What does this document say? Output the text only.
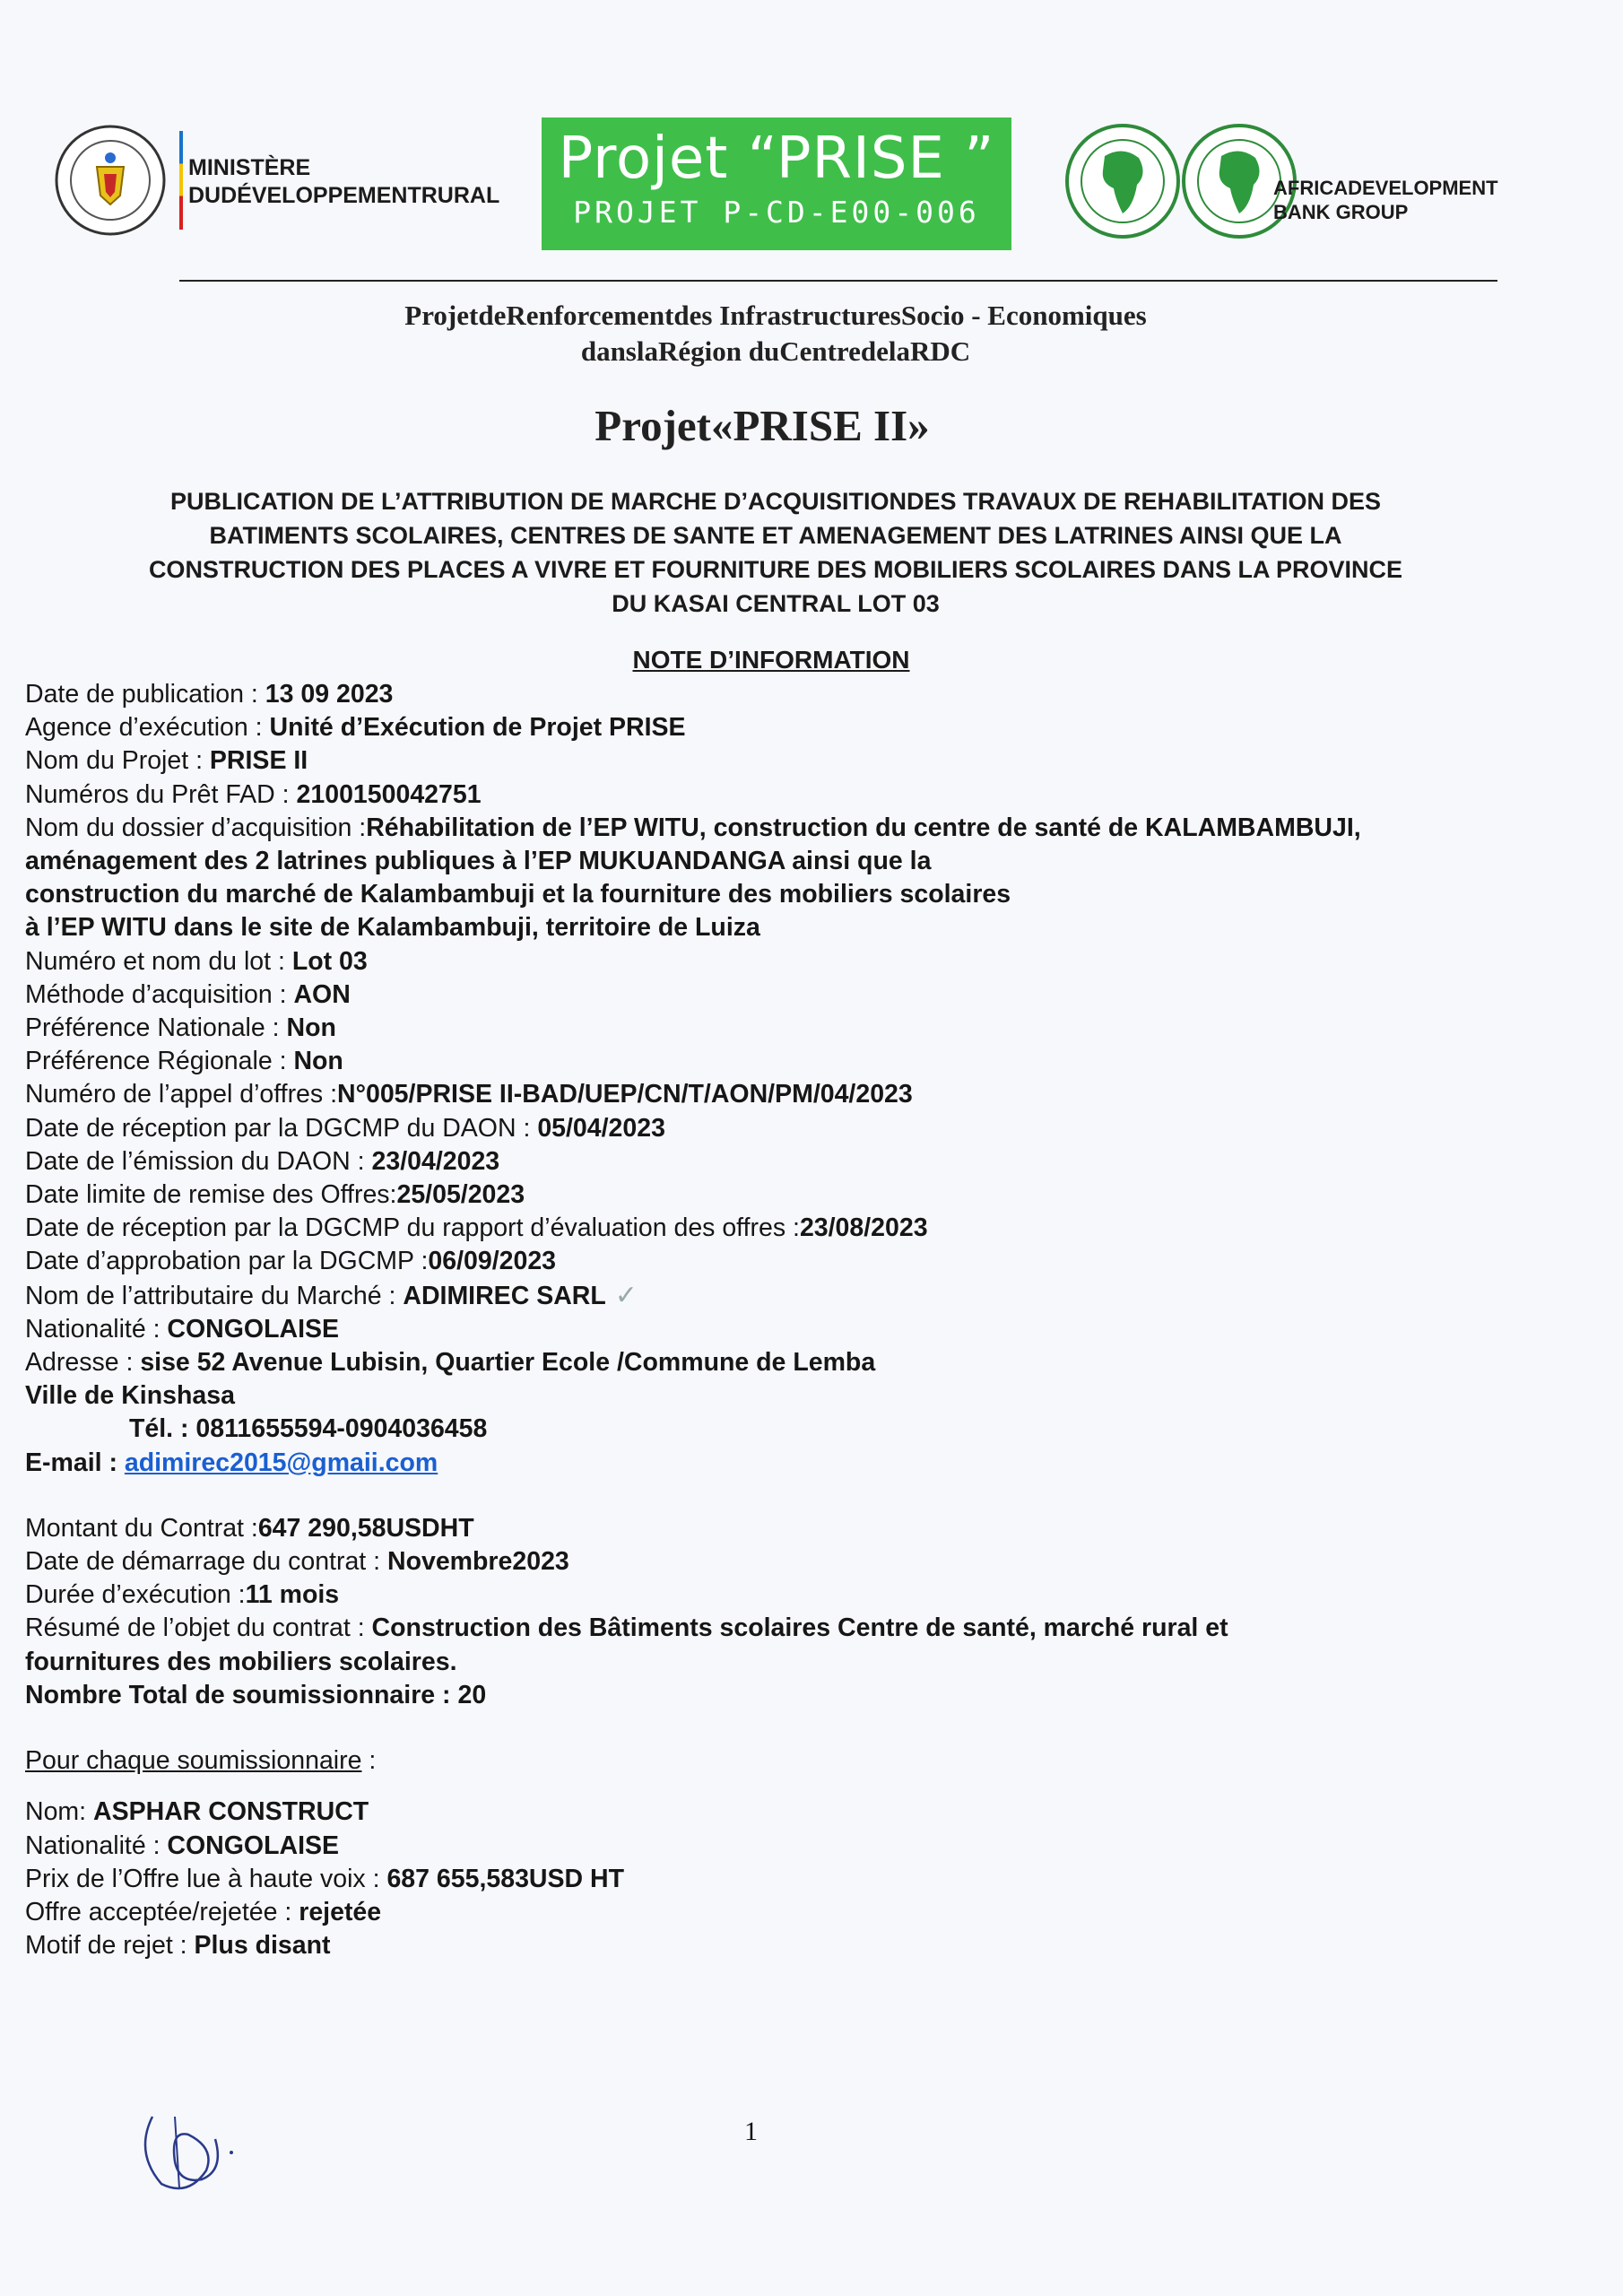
MINISTÈRE
DUDÉVELOPPEMENTRURAL
Projet “PRISE ”
PROJET P-CD-E00-006
AFRICADEVELOPMENT
BANK GROUP
ProjetdeRenforcementdes InfrastructuresSocio - Economiques
danslaRégion duCentredelaRDC
Projet«PRISE II»
PUBLICATION DE L’ATTRIBUTION DE MARCHE D’ACQUISITIONDES TRAVAUX DE REHABILITATION DES
BATIMENTS SCOLAIRES, CENTRES DE SANTE ET AMENAGEMENT DES LATRINES AINSI QUE LA
CONSTRUCTION DES PLACES A VIVRE ET FOURNITURE DES MOBILIERS SCOLAIRES DANS LA PROVINCE
DU KASAI CENTRAL LOT 03
NOTE D’INFORMATION
Date de publication : 13 09 2023
Agence d’exécution : Unité d’Exécution de Projet PRISE
Nom du Projet : PRISE II
Numéros du Prêt FAD : 2100150042751
Nom du dossier d’acquisition :Réhabilitation de l’EP WITU, construction du centre de santé de KALAMBAMBUJI,
aménagement des 2 latrines publiques à l’EP MUKUANDANGA ainsi que la
construction du marché de Kalambambuji et la fourniture des mobiliers scolaires
à l’EP WITU dans le site de Kalambambuji, territoire de Luiza
Numéro et nom du lot : Lot 03
Méthode d’acquisition : AON
Préférence Nationale : Non
Préférence Régionale : Non
Numéro de l’appel d’offres :N°005/PRISE II-BAD/UEP/CN/T/AON/PM/04/2023
Date de réception par la DGCMP du DAON : 05/04/2023
Date de l’émission du DAON : 23/04/2023
Date limite de remise des Offres:25/05/2023
Date de réception par la DGCMP du rapport d’évaluation des offres :23/08/2023
Date d’approbation par la DGCMP :06/09/2023
Nom de l’attributaire du Marché : ADIMIREC SARL ✓
Nationalité : CONGOLAISE
Adresse : sise 52 Avenue Lubisin, Quartier Ecole /Commune de Lemba
Ville de Kinshasa
Tél. : 0811655594-0904036458
E-mail : adimirec2015@gmaii.com
Montant du Contrat :647 290,58USDHT
Date de démarrage du contrat : Novembre2023
Durée d’exécution :11 mois
Résumé de l’objet du contrat : Construction des Bâtiments scolaires Centre de santé, marché rural et
fournitures des mobiliers scolaires.
Nombre Total de soumissionnaire : 20
Pour chaque soumissionnaire :
Nom: ASPHAR CONSTRUCT
Nationalité : CONGOLAISE
Prix de l’Offre lue à haute voix : 687 655,583USD HT
Offre acceptée/rejetée : rejetée
Motif de rejet : Plus disant
1
